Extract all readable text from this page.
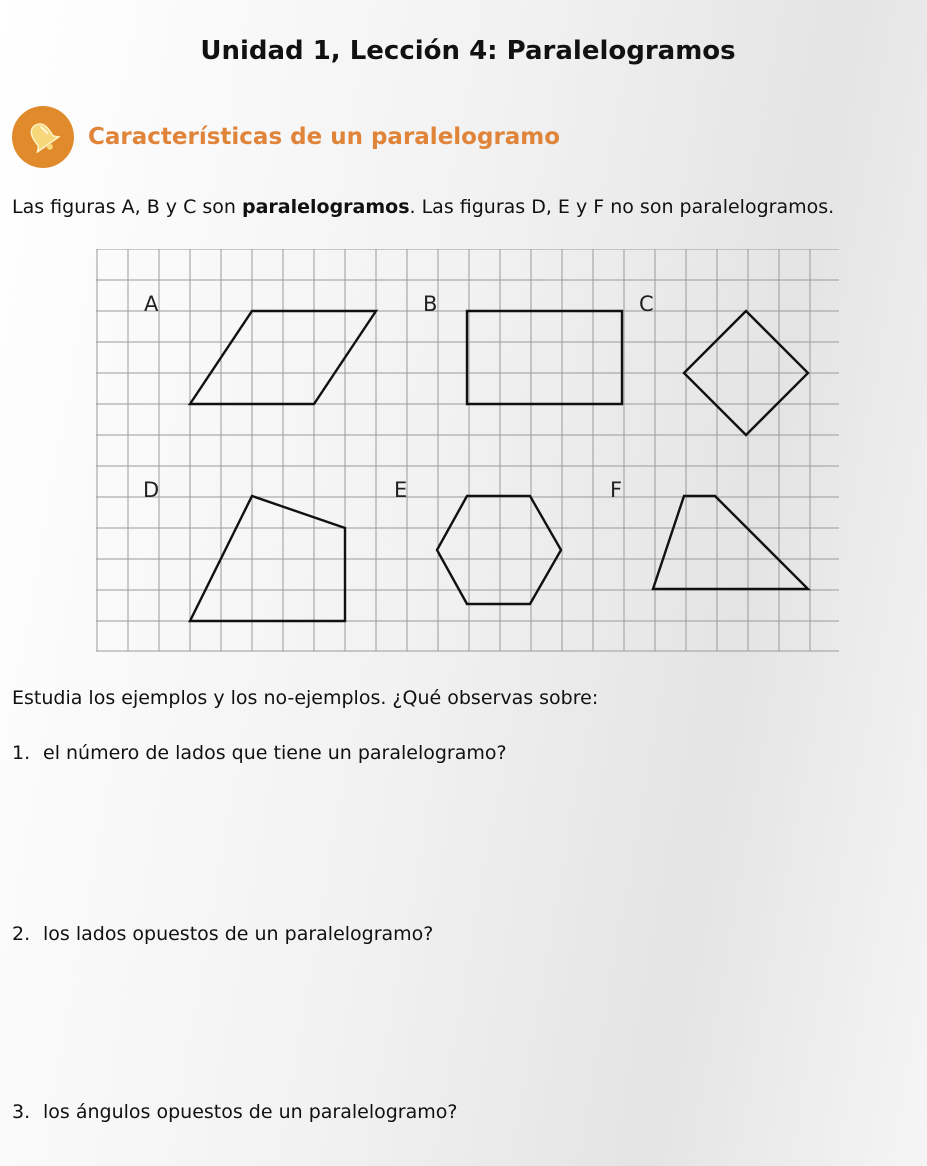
Unidad 1, Lección 4: Paralelogramos
Características de un paralelogramo

Las figuras A, B y C son paralelogramos. Las figuras D, E y F no son paralelogramos.

A	B	C
D	E	F

Estudia los ejemplos y los no-ejemplos. ¿Qué observas sobre:

1. el número de lados que tiene un paralelogramo?

2. los lados opuestos de un paralelogramo?

3. los ángulos opuestos de un paralelogramo?
